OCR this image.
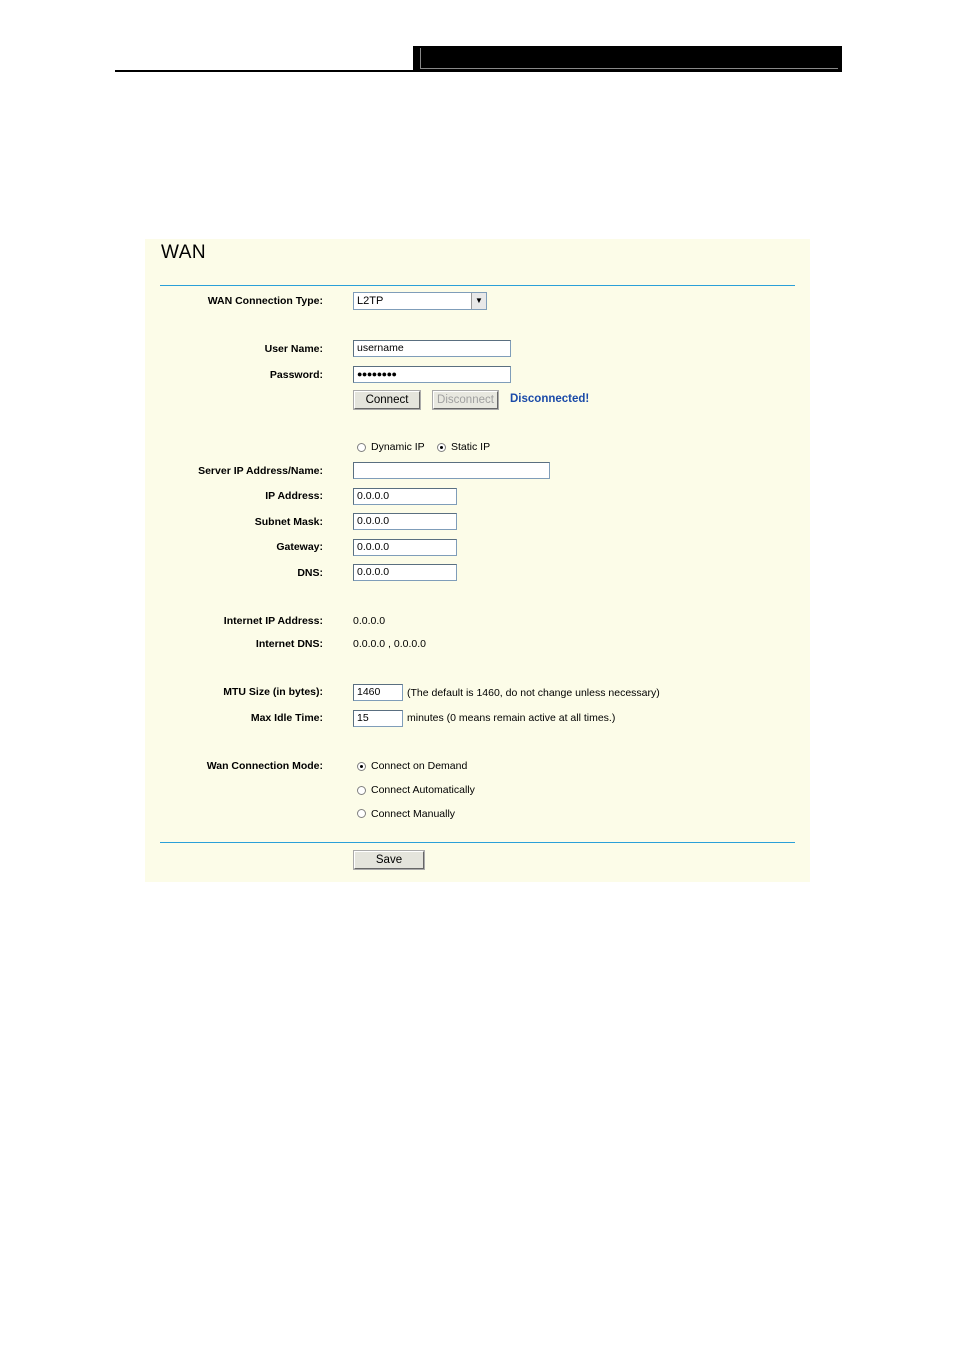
WAN
WAN Connection Type:	L2TP	▼
User Name:	username
Password:	●●●●●●●●
Connect	Disconnect	Disconnected!
Dynamic IP	Static IP
Server IP Address/Name:
IP Address:	0.0.0.0
Subnet Mask:	0.0.0.0
Gateway:	0.0.0.0
DNS:	0.0.0.0
Internet IP Address:	0.0.0.0
Internet DNS:	0.0.0.0 , 0.0.0.0
MTU Size (in bytes):	1460	(The default is 1460, do not change unless necessary)
Max Idle Time:	15	minutes (0 means remain active at all times.)
Wan Connection Mode:	Connect on Demand
Connect Automatically
Connect Manually
Save
